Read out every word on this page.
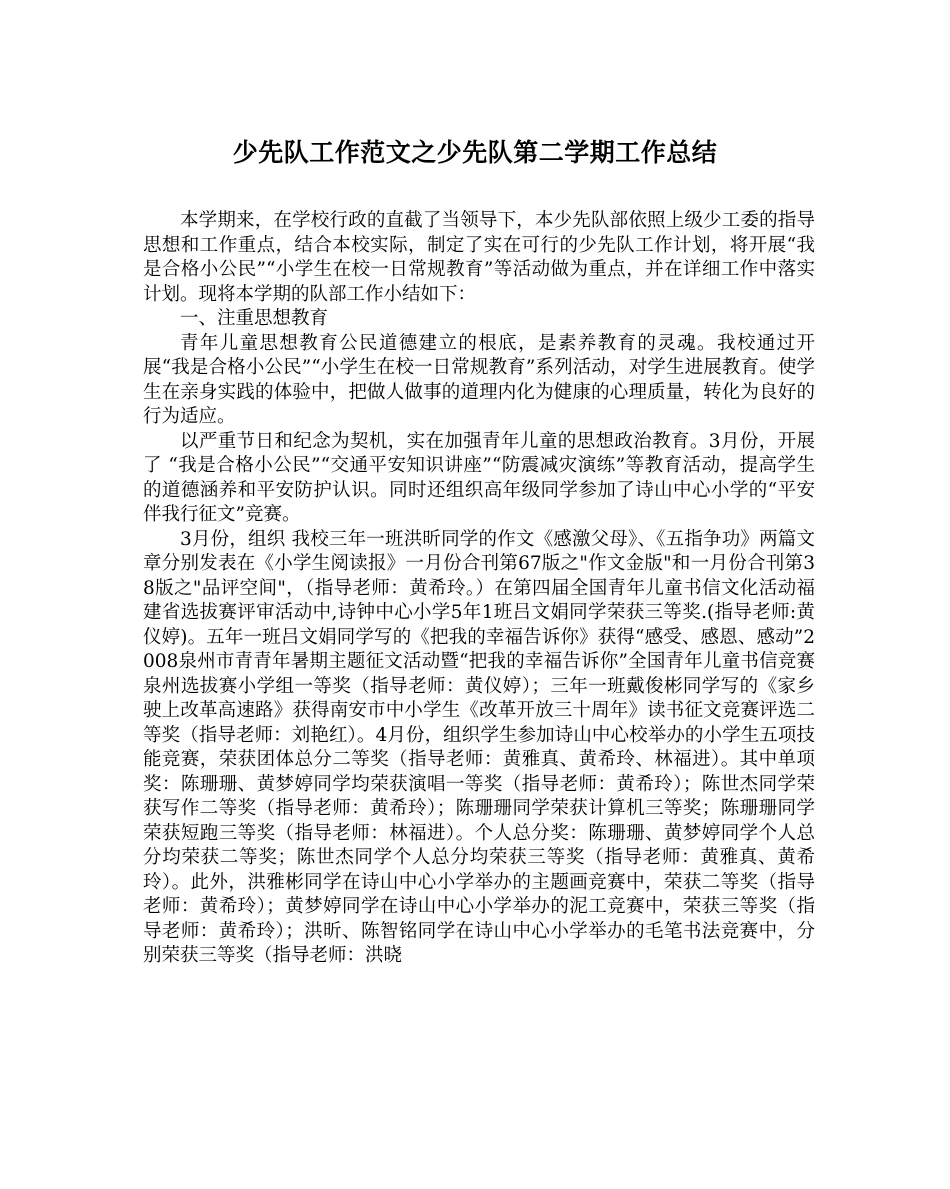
少先队工作范文之少先队第二学期工作总结

本学期来，在学校行政的直截了当领导下，本少先队部依照上级少工委的指导思想和工作重点，结合本校实际，制定了实在可行的少先队工作计划，将开展“我是合格小公民”“小学生在校一日常规教育”等活动做为重点，并在详细工作中落实计划。现将本学期的队部工作小结如下：

一、注重思想教育

青年儿童思想教育公民道德建立的根底，是素养教育的灵魂。我校通过开展“我是合格小公民”“小学生在校一日常规教育”系列活动，对学生进展教育。使学生在亲身实践的体验中，把做人做事的道理内化为健康的心理质量，转化为良好的行为适应。

以严重节日和纪念为契机，实在加强青年儿童的思想政治教育。3月份，开展了 “我是合格小公民”“交通平安知识讲座”“防震减灾演练”等教育活动，提高学生的道德涵养和平安防护认识。同时还组织高年级同学参加了诗山中心小学的“平安伴我行征文”竞赛。

3月份，组织 我校三年一班洪昕同学的作文《感激父母》、《五指争功》两篇文章分别发表在《小学生阅读报》一月份合刊第67版之"作文金版"和一月份合刊第38版之"品评空间"，（指导老师：黄希玲。）在第四届全国青年儿童书信文化活动福建省选拔赛评审活动中,诗钟中心小学5年1班吕文娟同学荣获三等奖.(指导老师:黄仪婷)。五年一班吕文娟同学写的《把我的幸福告诉你》获得“感受、感恩、感动”2008泉州市青青年暑期主题征文活动暨“把我的幸福告诉你”全国青年儿童书信竞赛泉州选拔赛小学组一等奖（指导老师：黄仪婷）；三年一班戴俊彬同学写的《家乡驶上改革高速路》获得南安市中小学生《改革开放三十周年》读书征文竞赛评选二等奖（指导老师：刘艳红）。4月份，组织学生参加诗山中心校举办的小学生五项技能竞赛，荣获团体总分二等奖（指导老师：黄雅真、黄希玲、林福进）。其中单项奖：陈珊珊、黄梦婷同学均荣获演唱一等奖（指导老师：黄希玲）；陈世杰同学荣获写作二等奖（指导老师：黄希玲）；陈珊珊同学荣获计算机三等奖；陈珊珊同学荣获短跑三等奖（指导老师：林福进）。个人总分奖：陈珊珊、黄梦婷同学个人总分均荣获二等奖；陈世杰同学个人总分均荣获三等奖（指导老师：黄雅真、黄希玲）。此外，洪雅彬同学在诗山中心小学举办的主题画竞赛中，荣获二等奖（指导老师：黄希玲）；黄梦婷同学在诗山中心小学举办的泥工竞赛中，荣获三等奖（指导老师：黄希玲）；洪昕、陈智铭同学在诗山中心小学举办的毛笔书法竞赛中，分别荣获三等奖（指导老师：洪晓
